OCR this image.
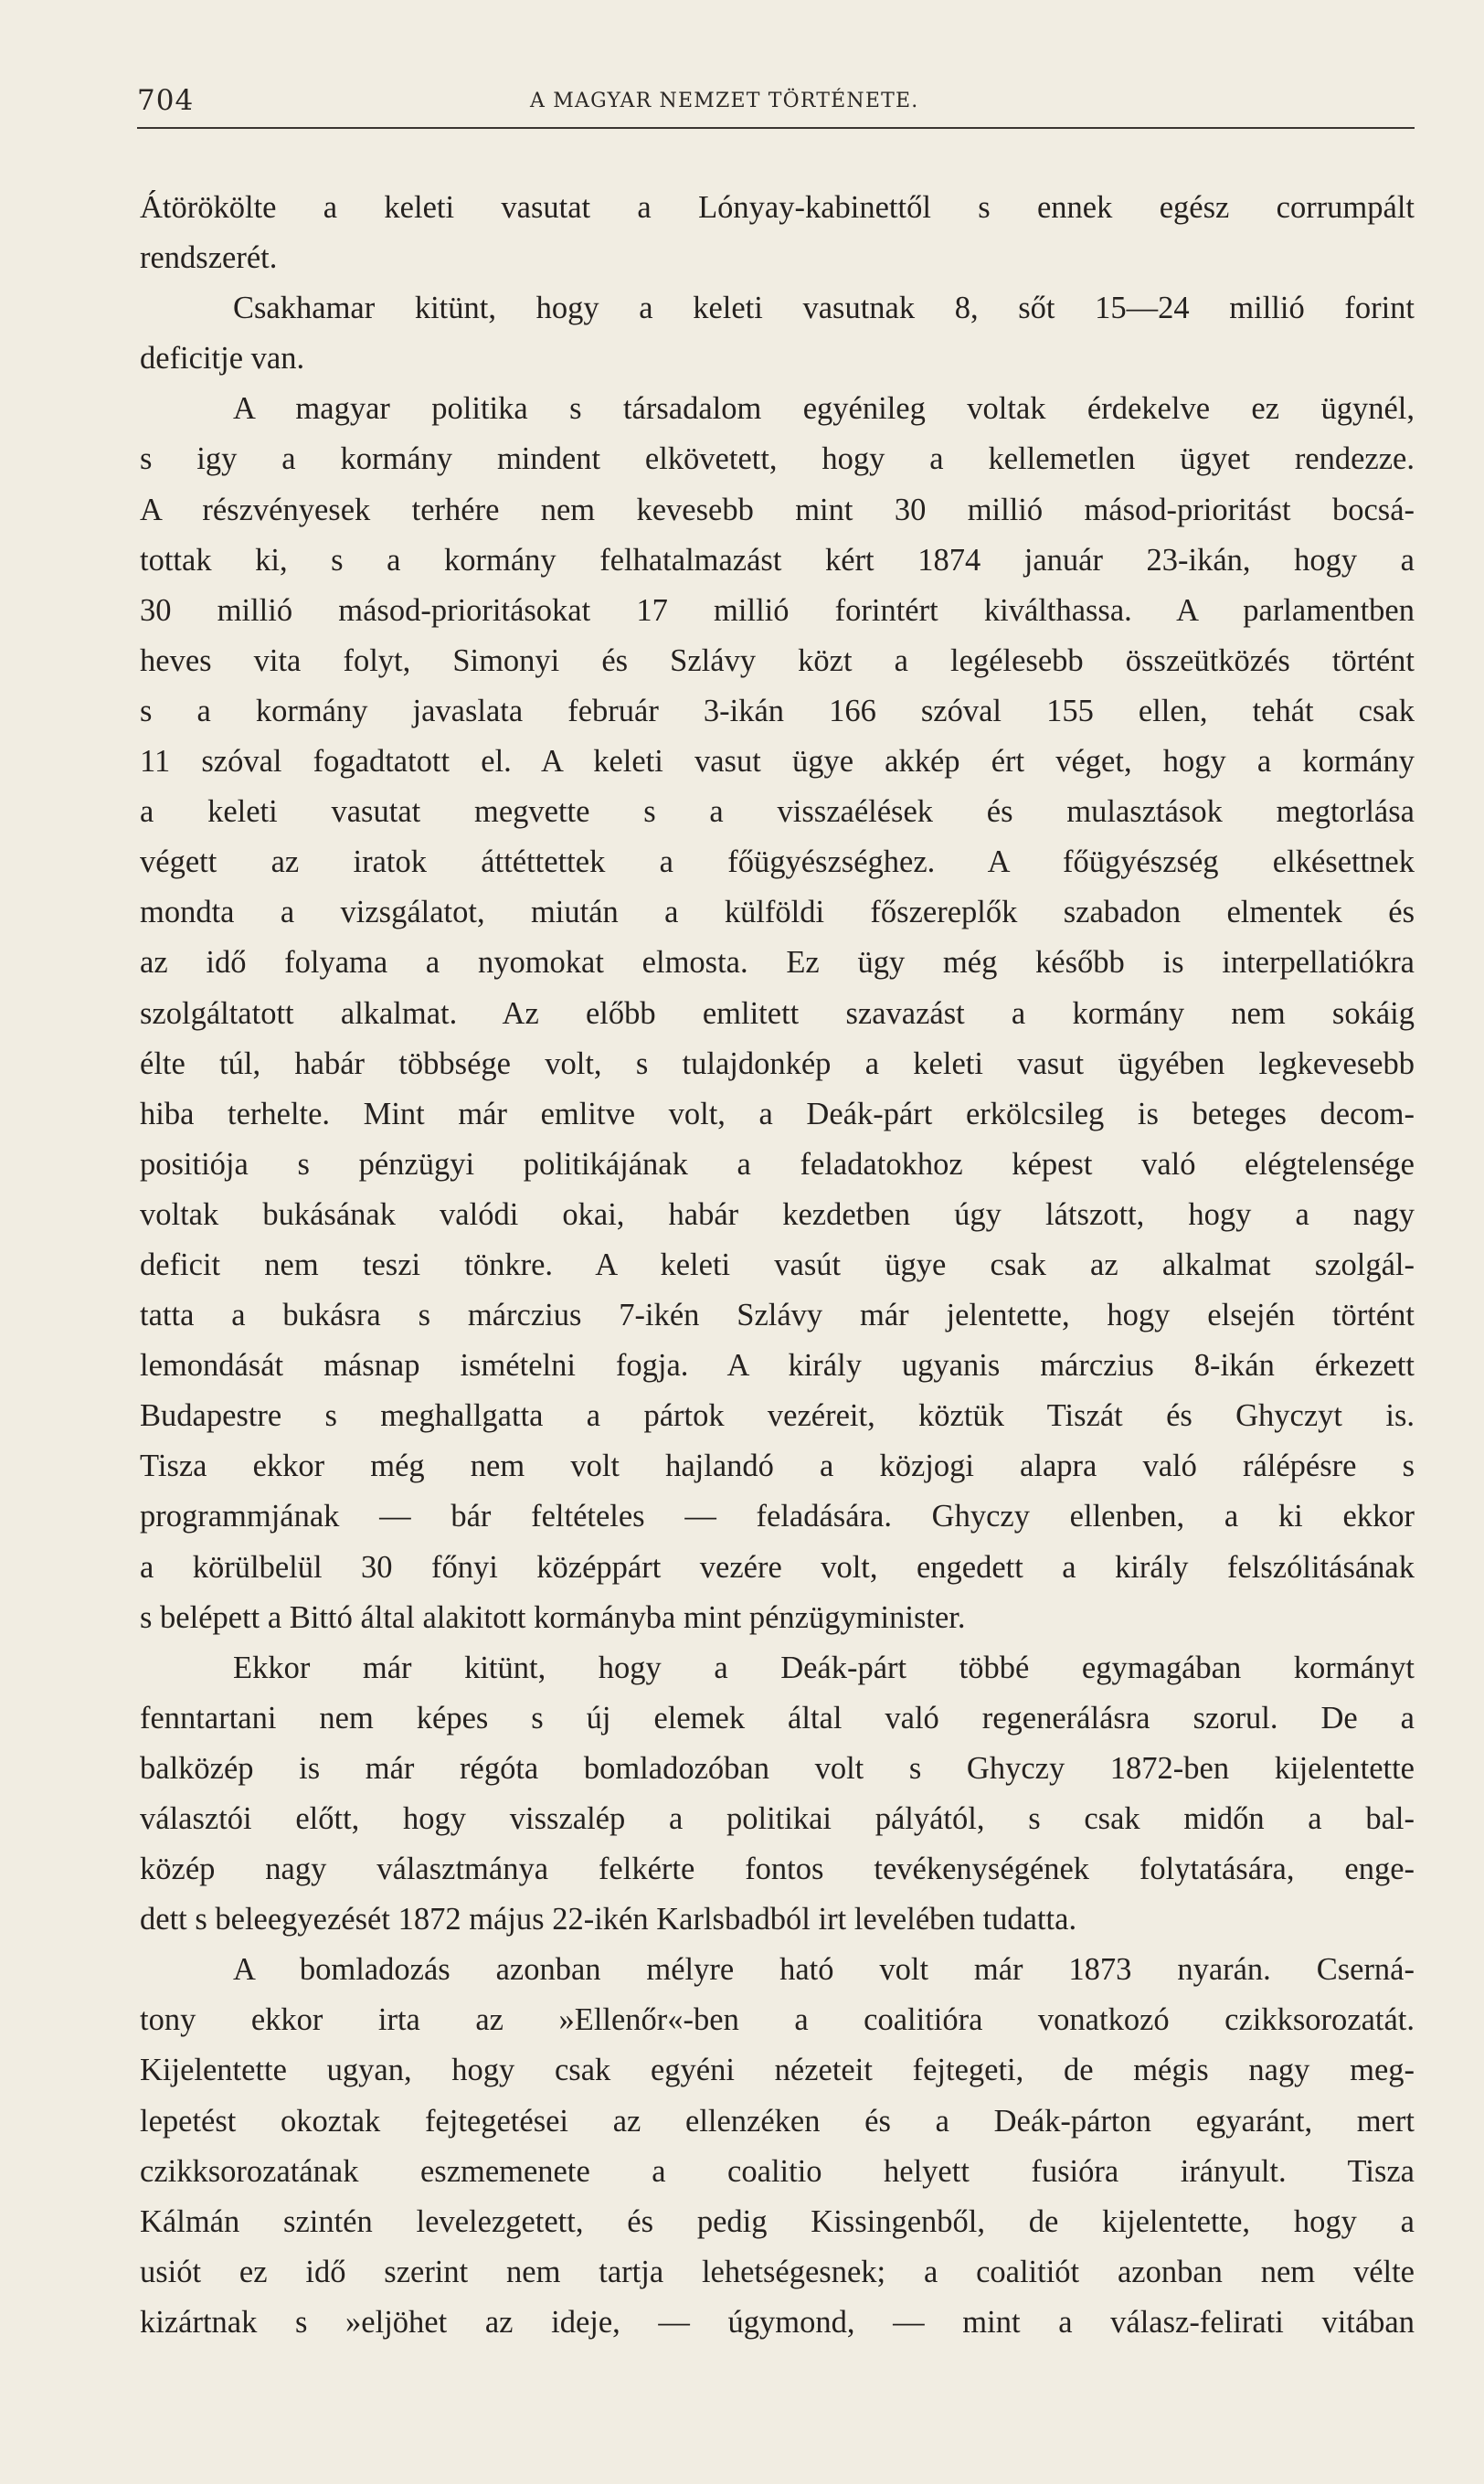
704	A MAGYAR NEMZET TÖRTÉNETE.
Átörökölte a keleti vasutat a Lónyay-kabinettől s ennek egész corrumpált
rendszerét.
Csakhamar kitünt, hogy a keleti vasutnak 8, sőt 15—24 millió forint
deficitje van.
A magyar politika s társadalom egyénileg voltak érdekelve ez ügynél,
s igy a kormány mindent elkövetett, hogy a kellemetlen ügyet rendezze.
A részvényesek terhére nem kevesebb mint 30 millió másod-prioritást bocsá-
tottak ki, s a kormány felhatalmazást kért 1874 január 23-ikán, hogy a
30 millió másod-prioritásokat 17 millió forintért kiválthassa. A parlamentben
heves vita folyt, Simonyi és Szlávy közt a legélesebb összeütközés történt
s a kormány javaslata február 3-ikán 166 szóval 155 ellen, tehát csak
11 szóval fogadtatott el. A keleti vasut ügye akkép ért véget, hogy a kormány
a keleti vasutat megvette s a visszaélések és mulasztások megtorlása
végett az iratok áttéttettek a főügyészséghez. A főügyészség elkésettnek
mondta a vizsgálatot, miután a külföldi főszereplők szabadon elmentek és
az idő folyama a nyomokat elmosta. Ez ügy még később is interpellatiókra
szolgáltatott alkalmat. Az előbb emlitett szavazást a kormány nem sokáig
élte túl, habár többsége volt, s tulajdonkép a keleti vasut ügyében legkevesebb
hiba terhelte. Mint már emlitve volt, a Deák-párt erkölcsileg is beteges decom-
positiója s pénzügyi politikájának a feladatokhoz képest való elégtelensége
voltak bukásának valódi okai, habár kezdetben úgy látszott, hogy a nagy
deficit nem teszi tönkre. A keleti vasút ügye csak az alkalmat szolgál-
tatta a bukásra s márczius 7-ikén Szlávy már jelentette, hogy elsején történt
lemondását másnap ismételni fogja. A király ugyanis márczius 8-ikán érkezett
Budapestre s meghallgatta a pártok vezéreit, köztük Tiszát és Ghyczyt is.
Tisza ekkor még nem volt hajlandó a közjogi alapra való rálépésre s
programmjának — bár feltételes — feladására. Ghyczy ellenben, a ki ekkor
a körülbelül 30 főnyi középpárt vezére volt, engedett a király felszólitásának
s belépett a Bittó által alakitott kormányba mint pénzügyminister.
Ekkor már kitünt, hogy a Deák-párt többé egymagában kormányt
fenntartani nem képes s új elemek által való regenerálásra szorul. De a
balközép is már régóta bomladozóban volt s Ghyczy 1872-ben kijelentette
választói előtt, hogy visszalép a politikai pályától, s csak midőn a bal-
közép nagy választmánya felkérte fontos tevékenységének folytatására, enge-
dett s beleegyezését 1872 május 22-ikén Karlsbadból irt levelében tudatta.
A bomladozás azonban mélyre ható volt már 1873 nyarán. Cserná-
tony ekkor irta az »Ellenőr«-ben a coalitióra vonatkozó czikksorozatát.
Kijelentette ugyan, hogy csak egyéni nézeteit fejtegeti, de mégis nagy meg-
lepetést okoztak fejtegetései az ellenzéken és a Deák-párton egyaránt, mert
czikksorozatának eszmemenete a coalitio helyett fusióra irányult. Tisza
Kálmán szintén levelezgetett, és pedig Kissingenből, de kijelentette, hogy a
usiót ez idő szerint nem tartja lehetségesnek; a coalitiót azonban nem vélte
kizártnak s »eljöhet az ideje, — úgymond, — mint a válasz-felirati vitában
